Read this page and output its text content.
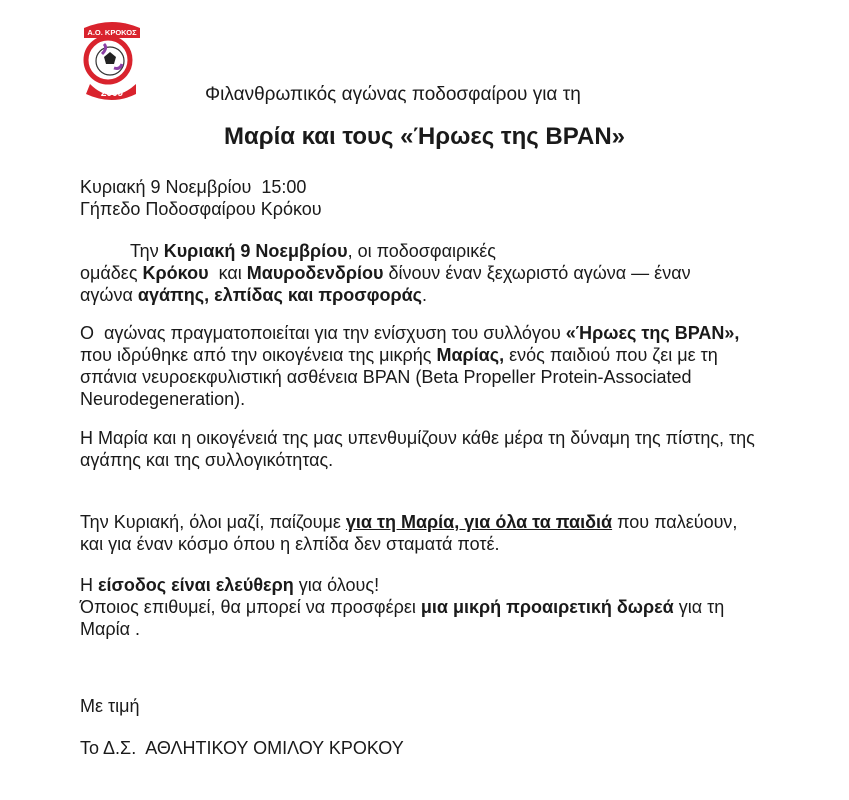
Α.Ο. ΚΡΟΚΟΣ
2009	Φιλανθρωπικός αγώνας ποδοσφαίρου για τη
Μαρία και τους «Ήρωες της BPAN»
Κυριακή 9 Νοεμβρίου  15:00
Γήπεδο Ποδοσφαίρου Κρόκου
Την Κυριακή 9 Νοεμβρίου, οι ποδοσφαιρικές
ομάδες Κρόκου  και Μαυροδενδρίου δίνουν έναν ξεχωριστό αγώνα — έναν
αγώνα αγάπης, ελπίδας και προσφοράς.
Ο  αγώνας πραγματοποιείται για την ενίσχυση του συλλόγου «Ήρωες της BPAN»,
που ιδρύθηκε από την οικογένεια της μικρής Μαρίας, ενός παιδιού που ζει με τη
σπάνια νευροεκφυλιστική ασθένεια BPAN (Beta Propeller Protein-Associated
Neurodegeneration).
Η Μαρία και η οικογένειά της μας υπενθυμίζουν κάθε μέρα τη δύναμη της πίστης, της
αγάπης και της συλλογικότητας.
Την Κυριακή, όλοι μαζί, παίζουμε για τη Μαρία, για όλα τα παιδιά που παλεύουν,
και για έναν κόσμο όπου η ελπίδα δεν σταματά ποτέ.
Η είσοδος είναι ελεύθερη για όλους!
Όποιος επιθυμεί, θα μπορεί να προσφέρει μια μικρή προαιρετική δωρεά για τη
Μαρία .
Με τιμή
Το Δ.Σ.  ΑΘΛΗΤΙΚΟΥ ΟΜΙΛΟΥ ΚΡΟΚΟΥ
